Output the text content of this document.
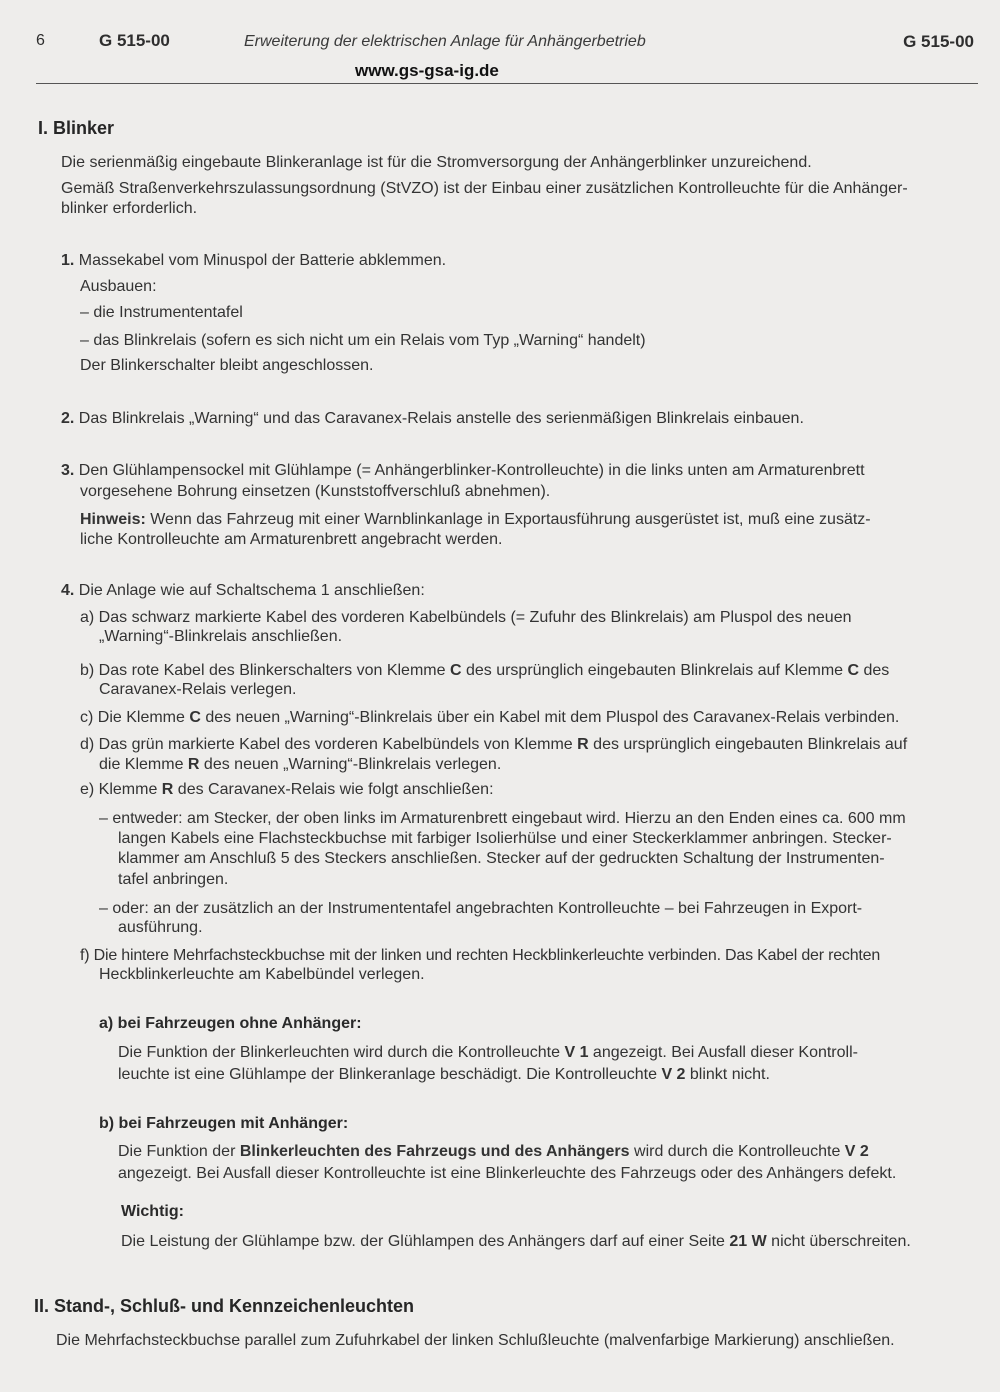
6	G 515-00	Erweiterung der elektrischen Anlage für Anhängerbetrieb	G 515-00
www.gs-gsa-ig.de
I. Blinker
Die serienmäßig eingebaute Blinkeranlage ist für die Stromversorgung der Anhängerblinker unzureichend.
Gemäß Straßenverkehrszulassungsordnung (StVZO) ist der Einbau einer zusätzlichen Kontrolleuchte für die Anhänger-
blinker erforderlich.
1. Massekabel vom Minuspol der Batterie abklemmen.
Ausbauen:
– die Instrumententafel
– das Blinkrelais (sofern es sich nicht um ein Relais vom Typ „Warning“ handelt)
Der Blinkerschalter bleibt angeschlossen.
2. Das Blinkrelais „Warning“ und das Caravanex-Relais anstelle des serienmäßigen Blinkrelais einbauen.
3. Den Glühlampensockel mit Glühlampe (= Anhängerblinker-Kontrolleuchte) in die links unten am Armaturenbrett
vorgesehene Bohrung einsetzen (Kunststoffverschluß abnehmen).
Hinweis: Wenn das Fahrzeug mit einer Warnblinkanlage in Exportausführung ausgerüstet ist, muß eine zusätz-
liche Kontrolleuchte am Armaturenbrett angebracht werden.
4. Die Anlage wie auf Schaltschema 1 anschließen:
a) Das schwarz markierte Kabel des vorderen Kabelbündels (= Zufuhr des Blinkrelais) am Pluspol des neuen
„Warning“-Blinkrelais anschließen.
b) Das rote Kabel des Blinkerschalters von Klemme C des ursprünglich eingebauten Blinkrelais auf Klemme C des
Caravanex-Relais verlegen.
c) Die Klemme C des neuen „Warning“-Blinkrelais über ein Kabel mit dem Pluspol des Caravanex-Relais verbinden.
d) Das grün markierte Kabel des vorderen Kabelbündels von Klemme R des ursprünglich eingebauten Blinkrelais auf
die Klemme R des neuen „Warning“-Blinkrelais verlegen.
e) Klemme R des Caravanex-Relais wie folgt anschließen:
– entweder: am Stecker, der oben links im Armaturenbrett eingebaut wird. Hierzu an den Enden eines ca. 600 mm
langen Kabels eine Flachsteckbuchse mit farbiger Isolierhülse und einer Steckerklammer anbringen. Stecker-
klammer am Anschluß 5 des Steckers anschließen. Stecker auf der gedruckten Schaltung der Instrumenten-
tafel anbringen.
– oder: an der zusätzlich an der Instrumententafel angebrachten Kontrolleuchte – bei Fahrzeugen in Export-
ausführung.
f) Die hintere Mehrfachsteckbuchse mit der linken und rechten Heckblinkerleuchte verbinden. Das Kabel der rechten
Heckblinkerleuchte am Kabelbündel verlegen.
a) bei Fahrzeugen ohne Anhänger:
Die Funktion der Blinkerleuchten wird durch die Kontrolleuchte V 1 angezeigt. Bei Ausfall dieser Kontroll-
leuchte ist eine Glühlampe der Blinkeranlage beschädigt. Die Kontrolleuchte V 2 blinkt nicht.
b) bei Fahrzeugen mit Anhänger:
Die Funktion der Blinkerleuchten des Fahrzeugs und des Anhängers wird durch die Kontrolleuchte V 2
angezeigt. Bei Ausfall dieser Kontrolleuchte ist eine Blinkerleuchte des Fahrzeugs oder des Anhängers defekt.
Wichtig:
Die Leistung der Glühlampe bzw. der Glühlampen des Anhängers darf auf einer Seite 21 W nicht überschreiten.
II. Stand-, Schluß- und Kennzeichenleuchten
Die Mehrfachsteckbuchse parallel zum Zufuhrkabel der linken Schlußleuchte (malvenfarbige Markierung) anschließen.
